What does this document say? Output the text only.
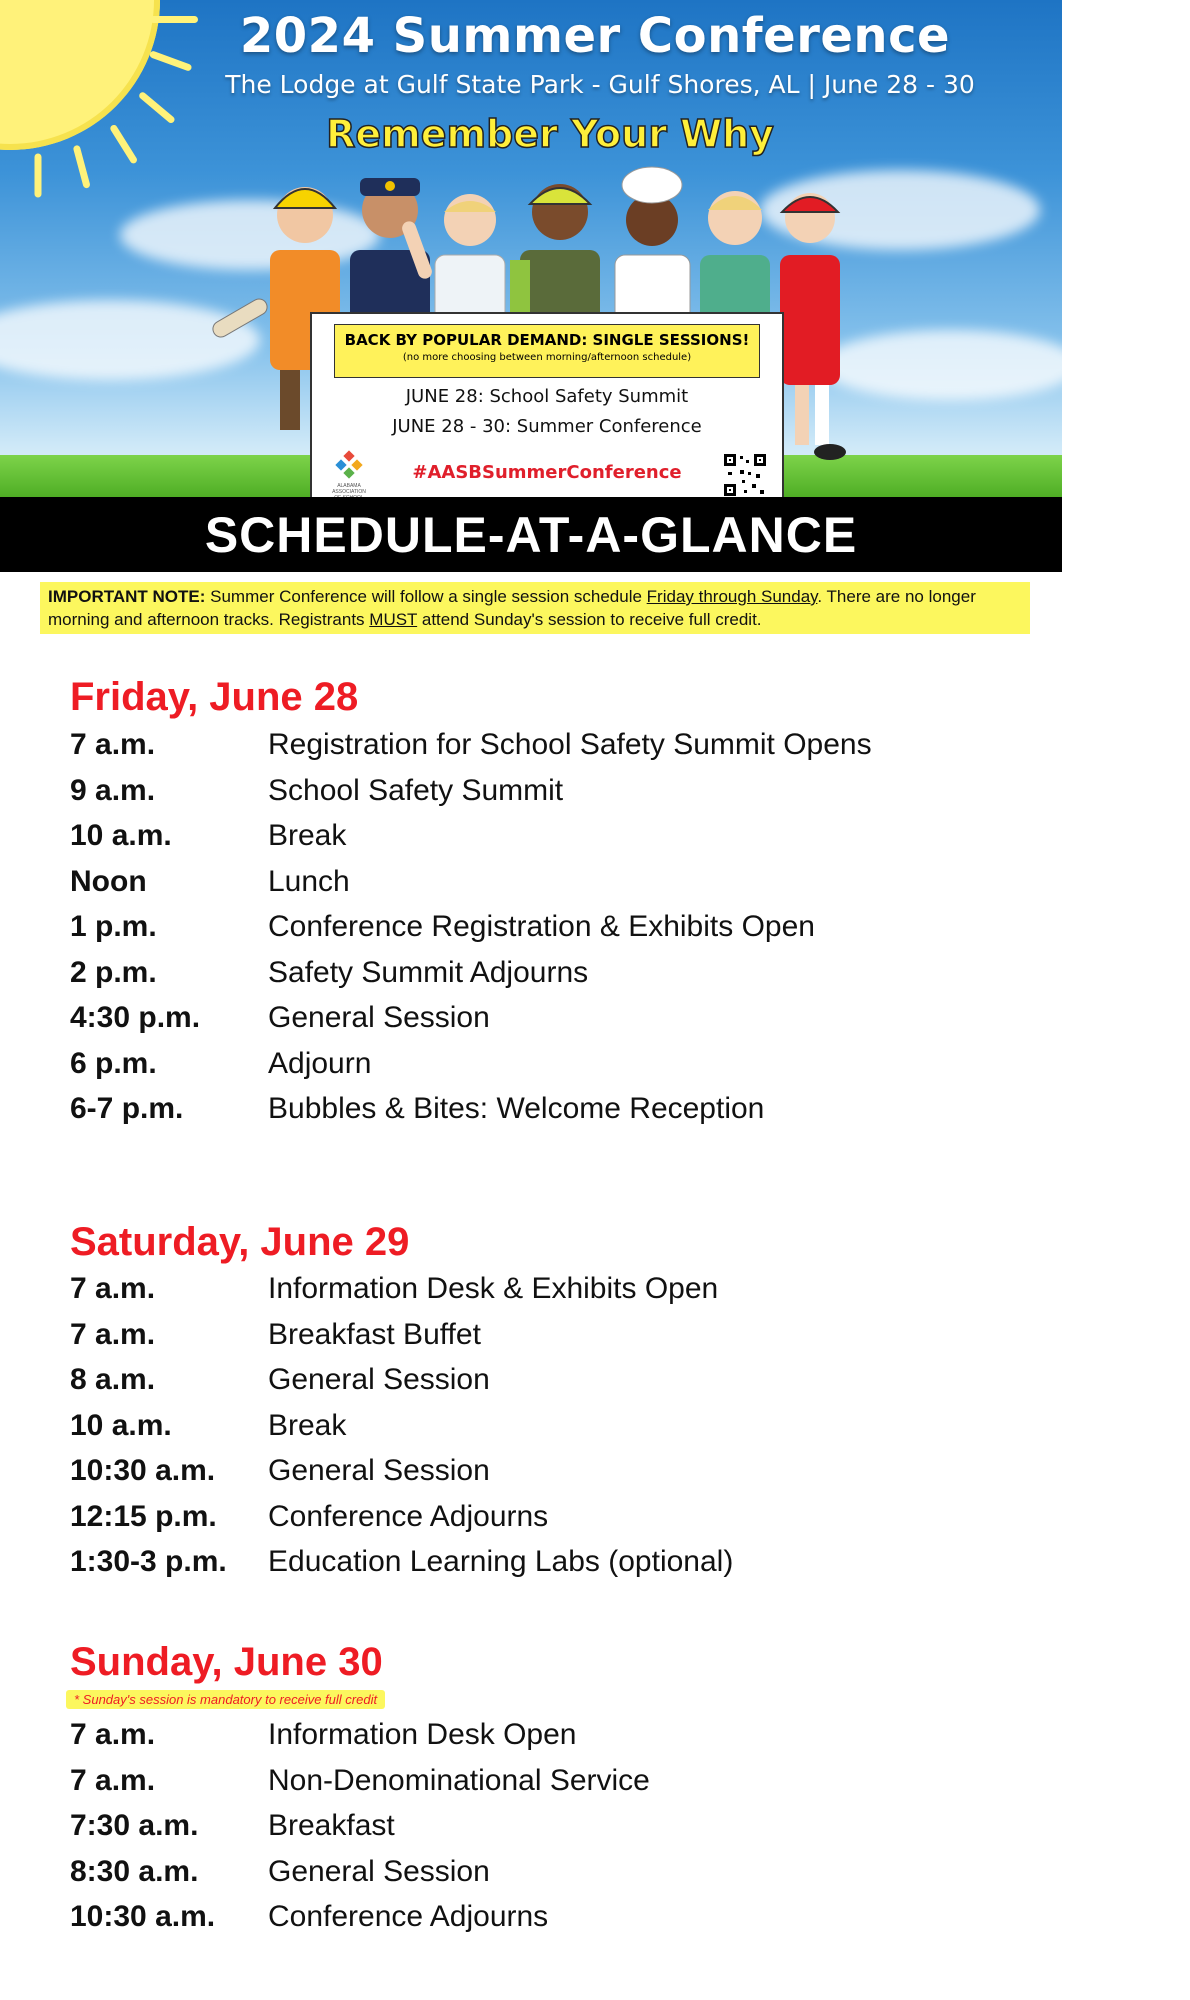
2024 Summer Conference
The Lodge at Gulf State Park - Gulf Shores, AL | June 28 - 30
Remember Your Why
BACK BY POPULAR DEMAND: SINGLE SESSIONS!
(no more choosing between morning/afternoon schedule)
JUNE 28: School Safety Summit
JUNE 28 - 30: Summer Conference
#AASBSummerConference
ALABAMA ASSOCIATION
SCHEDULE-AT-A-GLANCE
IMPORTANT NOTE: Summer Conference will follow a single session schedule Friday through Sunday. There are no longer morning and afternoon tracks. Registrants MUST attend Sunday's session to receive full credit.
Friday, June 28
7 a.m.	Registration for School Safety Summit Opens
9 a.m.	School Safety Summit
10 a.m.	Break
Noon	Lunch
1 p.m.	Conference Registration & Exhibits Open
2 p.m.	Safety Summit Adjourns
4:30 p.m.	General Session
6 p.m.	Adjourn
6-7 p.m.	Bubbles & Bites: Welcome Reception
Saturday, June 29
7 a.m.	Information Desk & Exhibits Open
7 a.m.	Breakfast Buffet
8 a.m.	General Session
10 a.m.	Break
10:30 a.m.	General Session
12:15 p.m.	Conference Adjourns
1:30-3 p.m.	Education Learning Labs (optional)
Sunday, June 30
* Sunday's session is mandatory to receive full credit
7 a.m.	Information Desk Open
7 a.m.	Non-Denominational Service
7:30 a.m.	Breakfast
8:30 a.m.	General Session
10:30 a.m.	Conference Adjourns
